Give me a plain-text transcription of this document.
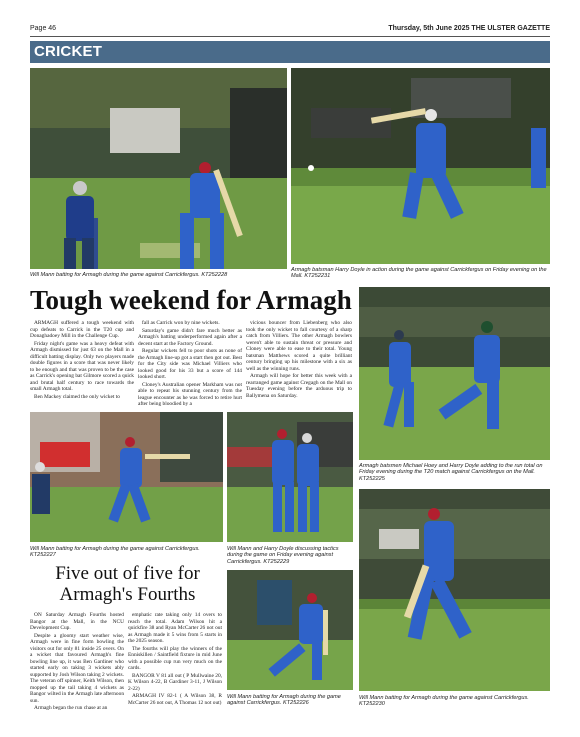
Page 46	Thursday, 5th June 2025 THE ULSTER GAZETTE
CRICKET
Will Mann batting for Armagh during the game against Carrickfergus. KT252228
Armagh batsman Harry Doyle in action during the game against Carrickfergus on Friday evening on the Mall. KT252231
Tough weekend for Armagh

ARMAGH suffered a tough weekend with cup defeats to Carrick in the T20 cup and Donaghadoey Mill in the Challenge Cup.

Friday night's game was a heavy defeat with Armagh dismissed for just 63 on the Mall in a difficult batting display. Only two players made double figures in a score that was never likely to be enough and that was proven to be the case as Carrick's opening bat Gilmore scored a quick and brutal half century to race towards the small Armagh total.

Ben Mackey claimed the only wicket to

fall as Carrick won by nine wickets.

Saturday's game didn't fare much better as Armagh's batting underperformed again after a decent start at the Factory Ground.

Regular wickets fell to poor shots as none of the Armagh line-up got a start then got out. Best for the City side was Michael Villiers who looked good for his 33 but a score of 144 looked short.

Cloney's Australian opener Markham was not able to repeat his stunning century from the league encounter as he was forced to retire hurt after being bloodied by a

vicious bouncer from Liebenberg who also took the only wicket to fall courtesy of a sharp catch from Villiers. The other Armagh bowlers weren't able to sustain threat or pressure and Cloney were able to ease to their total. Young batsman Matthews scored a quite brilliant century bringing up his milestone with a six as well as the winning runs.

Armagh will hope for better this week with a rearranged game against Cregagh on the Mall on Tuesday evening before the arduous trip to Ballymena on Saturday.

Armagh batsmen Michael Hoey and Harry Doyle adding to the run total on Friday evening during the T20 match against Carrickfergus on the Mall. KT252225
Will Mann batting for Armagh during the game against Carrickfergus. KT252227
Will Mann and Harry Doyle discussing tactics during the game on Friday evening against Carrickfergus. KT252229
Will Mann batting for Armagh during the game against Carrickfergus. KT252230
Five out of five for
Armagh's Fourths

ON Saturday Armagh Fourths hosted Bangor at the Mall, in the NCU Development Cup.

Despite a gloomy start weather wise, Armagh were in fine form bowling the visitors out for only 81 inside 25 overs. On a wicket that favoured Armagh's fine bowling line up, it was Ben Gardiner who started early on taking 3 wickets ably supported by Josh Wilson taking 2 wickets. The veteran off spinner, Keith Wilson, then mopped up the tail taking 4 wickets as Bangor wilted in the Armagh late afternoon sun.

Armagh began the run chase at an

emphatic rate taking only 14 overs to reach the total. Adam Wilson hit a quickfire 38 and Ryan McCarter 26 not out as Armagh made it 5 wins from 5 starts in the 2025 season.

The fourths will play the winners of the Enniskillen / Saintfield fixture in mid June with a possible cup run very much on the cards.

BANGOR V 81 all out ( P Mullwaine 20, K Wilson 4-22, B Gardiner 3-11, J Wilson 2-22)

ARMAGH IV 82-1 ( A Wilson 38, R McCarter 26 not out, A Thomas 12 not out)

Will Mann batting for Armagh during the game against Carrickfergus. KT252226
